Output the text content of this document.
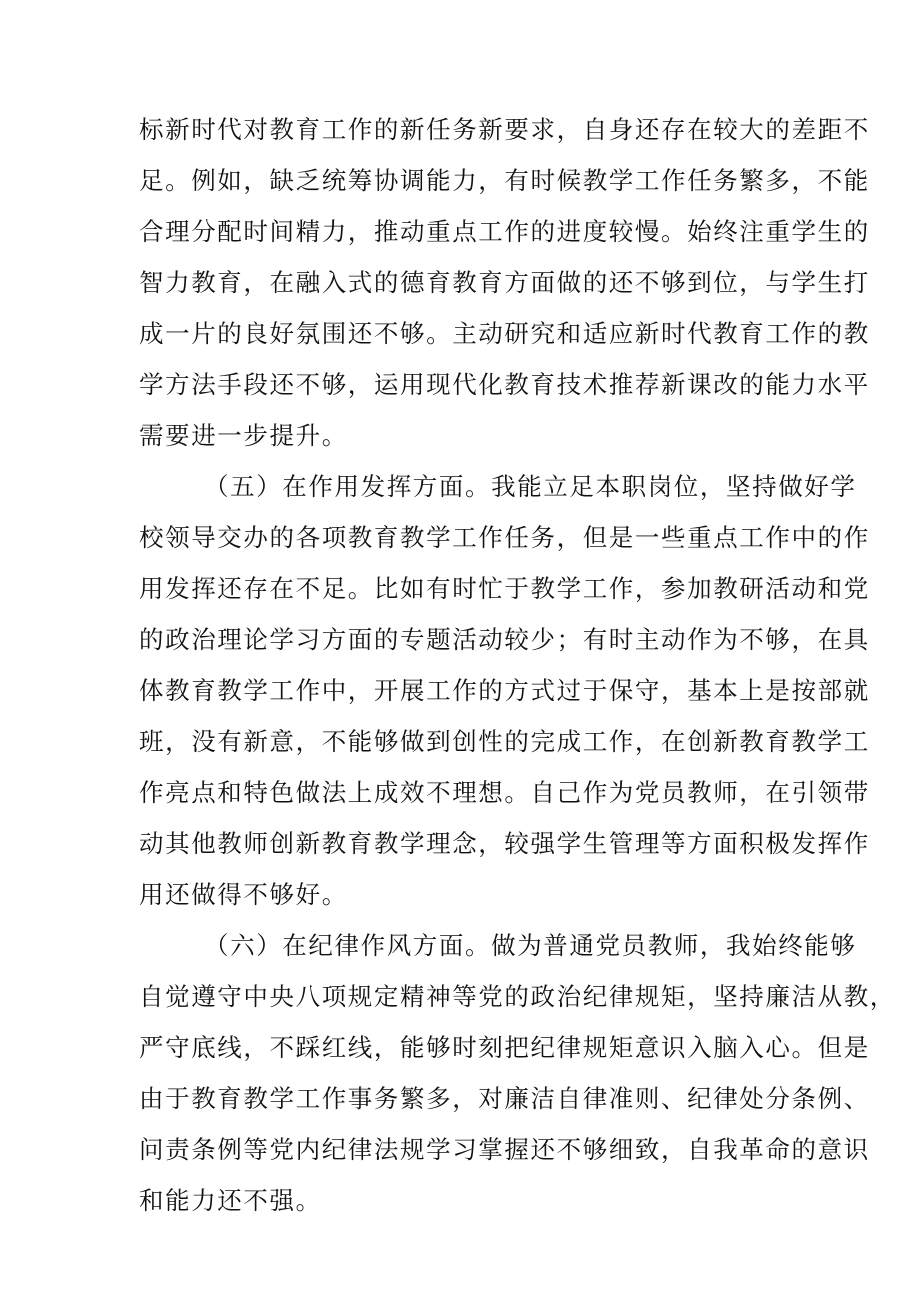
标新时代对教育工作的新任务新要求，自身还存在较大的差距不
足。例如，缺乏统筹协调能力，有时候教学工作任务繁多，不能
合理分配时间精力，推动重点工作的进度较慢。始终注重学生的
智力教育，在融入式的德育教育方面做的还不够到位，与学生打
成一片的良好氛围还不够。主动研究和适应新时代教育工作的教
学方法手段还不够，运用现代化教育技术推荐新课改的能力水平
需要进一步提升。
（五）在作用发挥方面。我能立足本职岗位，坚持做好学
校领导交办的各项教育教学工作任务，但是一些重点工作中的作
用发挥还存在不足。比如有时忙于教学工作，参加教研活动和党
的政治理论学习方面的专题活动较少；有时主动作为不够，在具
体教育教学工作中，开展工作的方式过于保守，基本上是按部就
班，没有新意，不能够做到创性的完成工作，在创新教育教学工
作亮点和特色做法上成效不理想。自己作为党员教师，在引领带
动其他教师创新教育教学理念，较强学生管理等方面积极发挥作
用还做得不够好。
（六）在纪律作风方面。做为普通党员教师，我始终能够
自觉遵守中央八项规定精神等党的政治纪律规矩，坚持廉洁从教，
严守底线，不踩红线，能够时刻把纪律规矩意识入脑入心。但是
由于教育教学工作事务繁多，对廉洁自律准则、纪律处分条例、
问责条例等党内纪律法规学习掌握还不够细致，自我革命的意识
和能力还不强。
